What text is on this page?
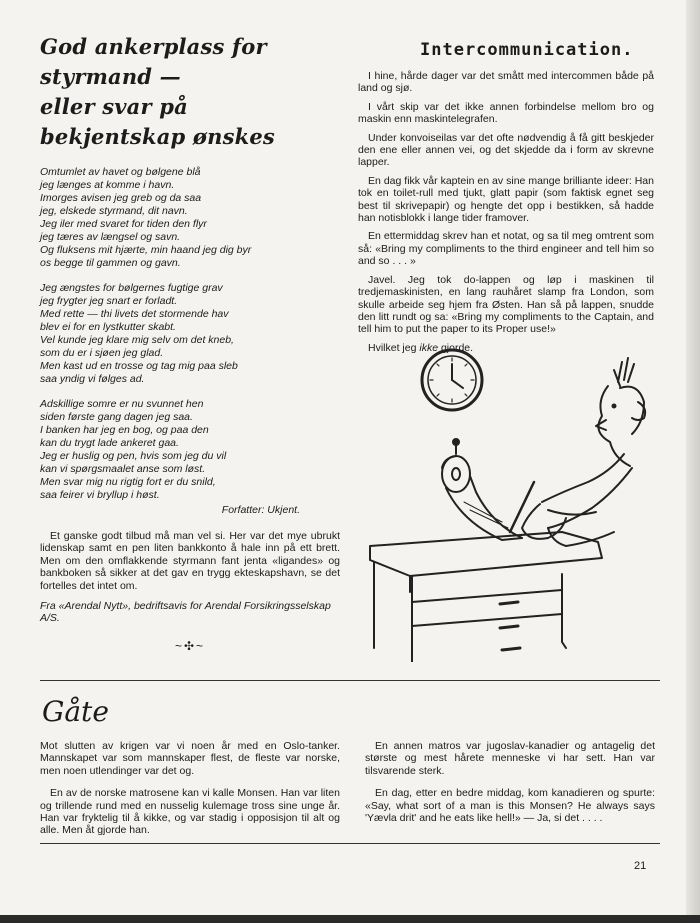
God ankerplass for styrmand —
eller svar på
bekjentskap ønskes
Omtumlet av havet og bølgene blå
jeg længes at komme i havn.
Imorges avisen jeg greb og da saa
jeg, elskede styrmand, dit navn.
Jeg iler med svaret for tiden den flyr
jeg tæres av længsel og savn.
Og fluksens mit hjærte, min haand jeg dig byr
os begge til gammen og gavn.
Jeg ængstes for bølgernes fugtige grav
jeg frygter jeg snart er forladt.
Med rette — thi livets det stormende hav
blev ei for en lystkutter skabt.
Vel kunde jeg klare mig selv om det kneb,
som du er i sjøen jeg glad.
Men kast ud en trosse og tag mig paa sleb
saa yndig vi følges ad.
Adskillige somre er nu svunnet hen
siden første gang dagen jeg saa.
I banken har jeg en bog, og paa den
kan du trygt lade ankeret gaa.
Jeg er huslig og pen, hvis som jeg du vil
kan vi spørgsmaalet anse som løst.
Men svar mig nu rigtig fort er du snild,
saa feirer vi bryllup i høst.
Forfatter: Ukjent.

Et ganske godt tilbud må man vel si. Her var det mye ubrukt lidenskap samt en pen liten bankkonto å hale inn på ett brett. Men om den omflakkende styrmann fant jenta «ligandes» og bankboken så sikker at det gav en trygg ekteskapshavn, se det fortelles det intet om.

Fra «Arendal Nytt», bedriftsavis for Arendal Forsikringsselskap A/S.

~✣~
Intercommunication.

I hine, hårde dager var det smått med intercommen både på land og sjø.

I vårt skip var det ikke annen forbindelse mellom bro og maskin enn maskintelegrafen.

Under konvoiseilas var det ofte nødvendig å få gitt beskjeder den ene eller annen vei, og det skjedde da i form av skrevne lapper.

En dag fikk vår kaptein en av sine mange brilliante ideer: Han tok en toilet-rull med tjukt, glatt papir (som faktisk egnet seg best til skrivepapir) og hengte det opp i bestikken, så hadde han notisblokk i lange tider framover.

En ettermiddag skrev han et notat, og sa til meg omtrent som så: «Bring my compliments to the third engineer and tell him so and so . . . »

Javel. Jeg tok do-lappen og løp i maskinen til tredjemaskinisten, en lang rauhåret slamp fra London, som skulle arbeide seg hjem fra Østen. Han så på lappen, snudde den litt rundt og sa: «Bring my compliments to the Captain, and tell him to put the paper to its Proper use!»

Hvilket jeg ikke gjorde.

Gåte

Mot slutten av krigen var vi noen år med en Oslo-tanker. Mannskapet var som mannskaper flest, de fleste var norske, men noen utlendinger var det og.

En av de norske matrosene kan vi kalle Monsen. Han var liten og trillende rund med en nusselig kulemage tross sine unge år. Han var fryktelig til å kikke, og var stadig i opposisjon til alt og alle. Men åt gjorde han.

En annen matros var jugoslav-kanadier og antagelig det største og mest hårete menneske vi har sett. Han var tilsvarende sterk.

En dag, etter en bedre middag, kom kanadieren og spurte: «Say, what sort of a man is this Monsen? He always says 'Yævla drit' and he eats like hell!» — Ja, si det . . . .

21
